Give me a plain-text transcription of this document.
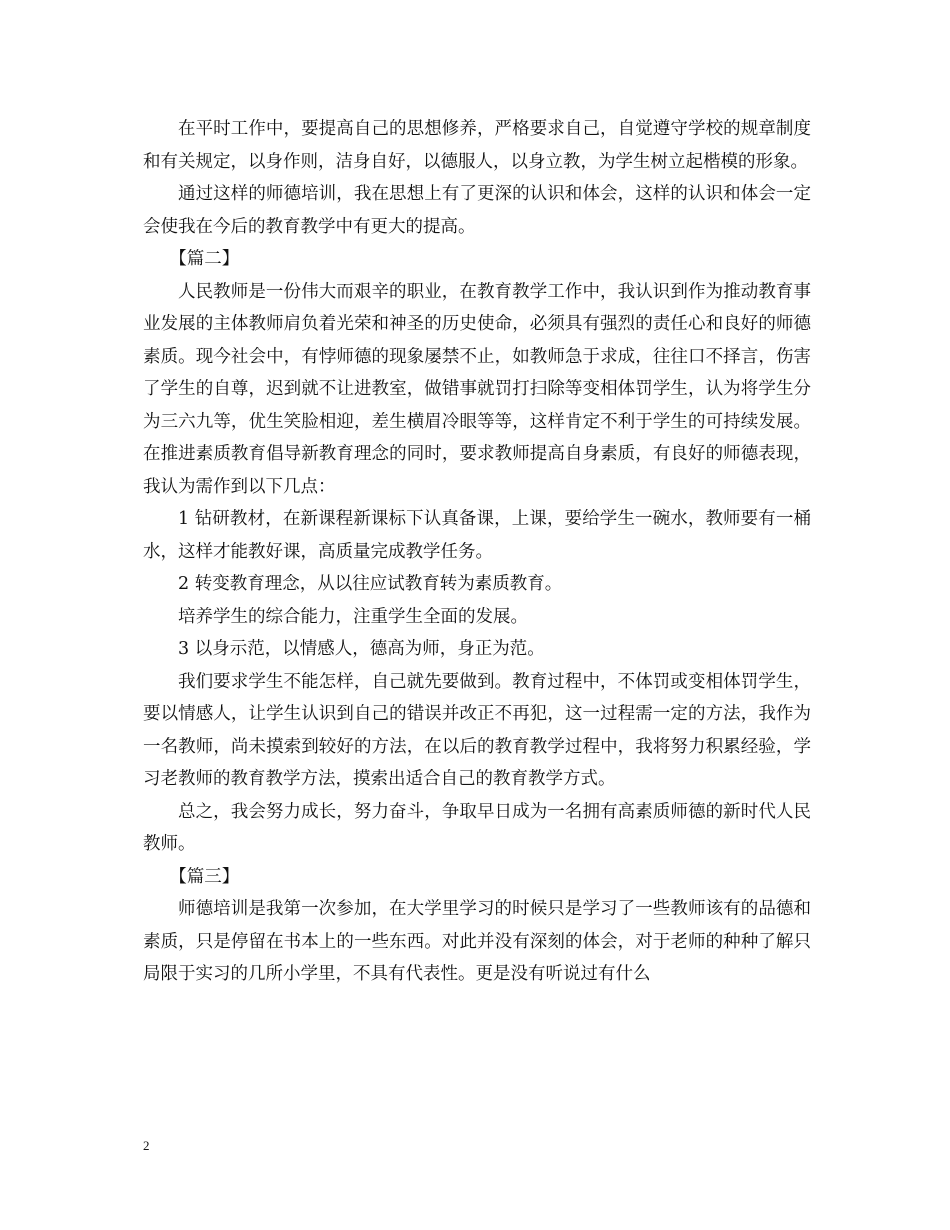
在平时工作中，要提高自己的思想修养，严格要求自己，自觉遵守学校的规章制度和有关规定，以身作则，洁身自好，以德服人，以身立教，为学生树立起楷模的形象。

通过这样的师德培训，我在思想上有了更深的认识和体会，这样的认识和体会一定会使我在今后的教育教学中有更大的提高。

【篇二】

人民教师是一份伟大而艰辛的职业，在教育教学工作中，我认识到作为推动教育事业发展的主体教师肩负着光荣和神圣的历史使命，必须具有强烈的责任心和良好的师德素质。现今社会中，有悖师德的现象屡禁不止，如教师急于求成，往往口不择言，伤害了学生的自尊，迟到就不让进教室，做错事就罚打扫除等变相体罚学生，认为将学生分为三六九等，优生笑脸相迎，差生横眉冷眼等等，这样肯定不利于学生的可持续发展。在推进素质教育倡导新教育理念的同时，要求教师提高自身素质，有良好的师德表现，我认为需作到以下几点：

1 钻研教材，在新课程新课标下认真备课，上课，要给学生一碗水，教师要有一桶水，这样才能教好课，高质量完成教学任务。

2 转变教育理念，从以往应试教育转为素质教育。

培养学生的综合能力，注重学生全面的发展。

3 以身示范，以情感人，德高为师，身正为范。

我们要求学生不能怎样，自己就先要做到。教育过程中，不体罚或变相体罚学生，要以情感人，让学生认识到自己的错误并改正不再犯，这一过程需一定的方法，我作为一名教师，尚未摸索到较好的方法，在以后的教育教学过程中，我将努力积累经验，学习老教师的教育教学方法，摸索出适合自己的教育教学方式。

总之，我会努力成长，努力奋斗，争取早日成为一名拥有高素质师德的新时代人民教师。

【篇三】

师德培训是我第一次参加，在大学里学习的时候只是学习了一些教师该有的品德和素质，只是停留在书本上的一些东西。对此并没有深刻的体会，对于老师的种种了解只局限于实习的几所小学里，不具有代表性。更是没有听说过有什么

2
